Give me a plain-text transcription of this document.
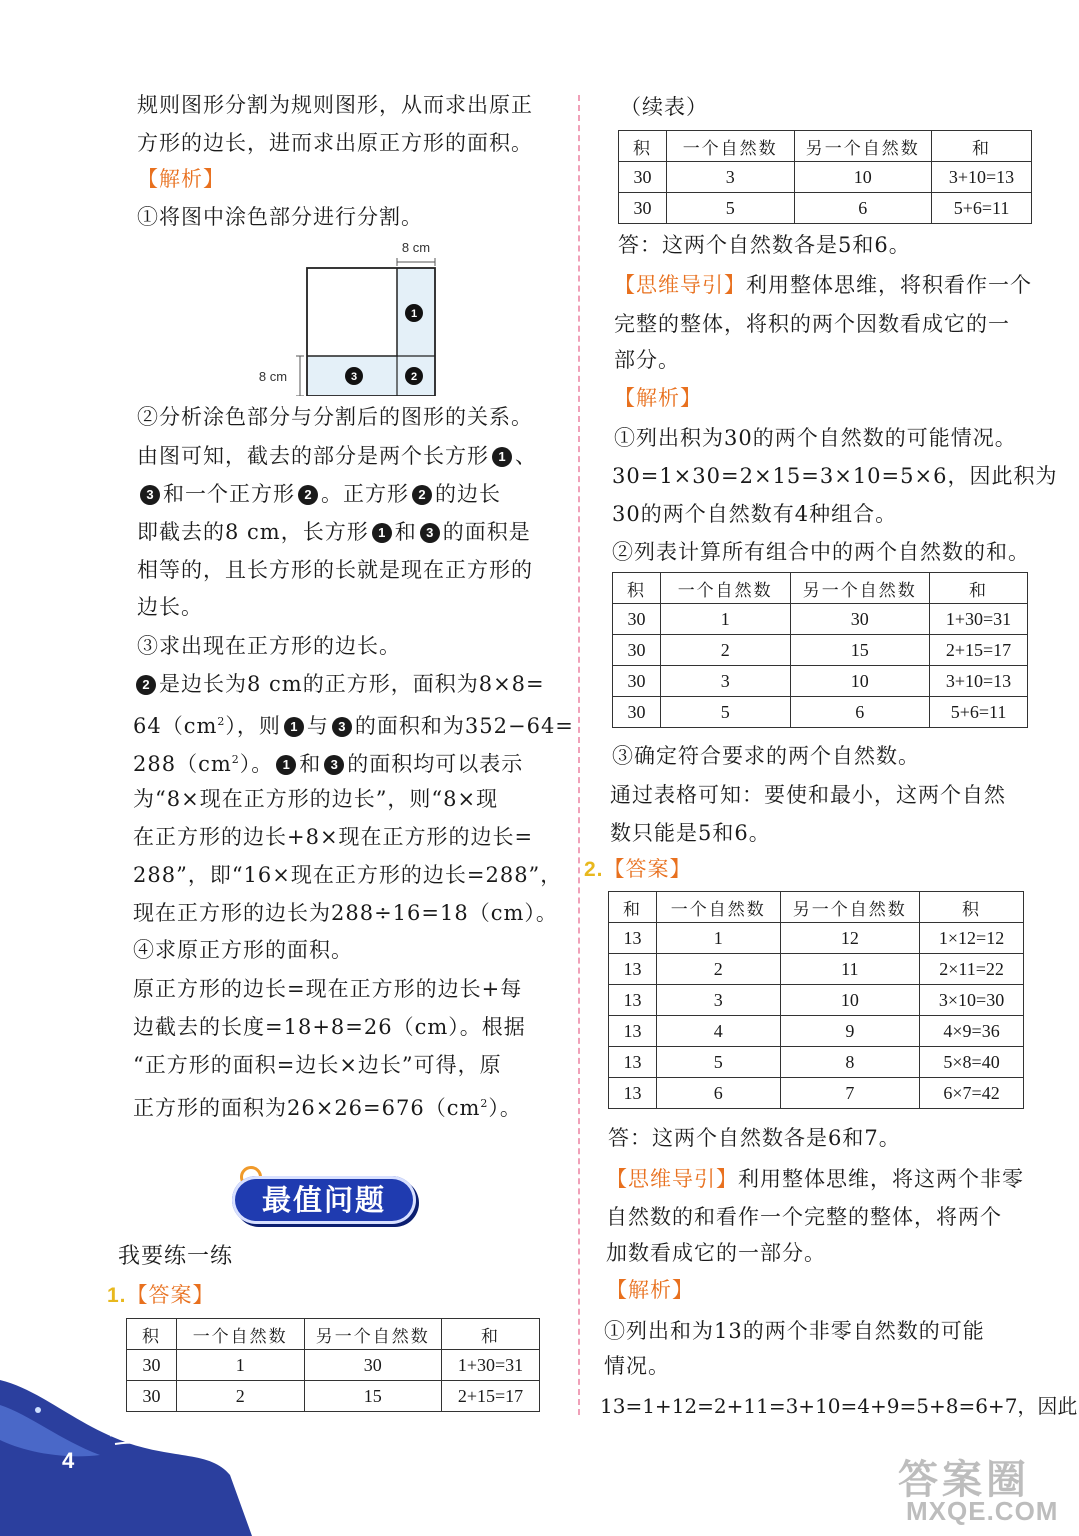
规则图形分割为规则图形，从而求出原正
方形的边长，进而求出原正方形的面积。
【解析】
①将图中涂色部分进行分割。
8 cm
8 cm
1
2
3
②分析涂色部分与分割后的图形的关系。
由图可知，截去的部分是两个长方形 1 、
3 和一个正方形 2 。正方形 2 的边长
即截去的8 cm，长方形 1 和 3 的面积是
相等的，且长方形的长就是现在正方形的
边长。
③求出现在正方形的边长。
2 是边长为8 cm的正方形，面积为8×8=
$64(cm^2)$，则 1 与 3 的面积和为352−64=
$288(cm^2)$。 1 和 3 的面积均可以表示
为“8×现在正方形的边长”，则“8×现
在正方形的边长+8×现在正方形的边长=
288”，即“16×现在正方形的边长=288”，
现在正方形的边长为288÷16=18（cm）。
④求原正方形的面积。
原正方形的边长=现在正方形的边长+每
边截去的长度=18+8=26（cm）。根据
“正方形的面积=边长×边长”可得，原
正方形的面积为$26\times 26=676(cm^2)$。
最值问题
我要练一练
1.【答案】
积	一个自然数	另一个自然数	和
30	1	30	1+30=31
30	2	15	2+15=17
4
（续表）
积	一个自然数	另一个自然数	和
30	3	10	3+10=13
30	5	6	5+6=11
答：这两个自然数各是5和6。
【思维导引】利用整体思维，将积看作一个
完整的整体，将积的两个因数看成它的一
部分。
【解析】
①列出积为30的两个自然数的可能情况。
30=1×30=2×15=3×10=5×6，因此积为
30的两个自然数有4种组合。
②列表计算所有组合中的两个自然数的和。
积	一个自然数	另一个自然数	和
30	1	30	1+30=31
30	2	15	2+15=17
30	3	10	3+10=13
30	5	6	5+6=11
③确定符合要求的两个自然数。
通过表格可知：要使和最小，这两个自然
数只能是5和6。
2.【答案】
和	一个自然数	另一个自然数	积
13	1	12	1×12=12
13	2	11	2×11=22
13	3	10	3×10=30
13	4	9	4×9=36
13	5	8	5×8=40
13	6	7	6×7=42
答：这两个自然数各是6和7。
【思维导引】利用整体思维，将这两个非零
自然数的和看作一个完整的整体，将两个
加数看成它的一部分。
【解析】
①列出和为13的两个非零自然数的可能
情况。
13=1+12=2+11=3+10=4+9=5+8=6+7，因此
答案圈
MXQE.COM
